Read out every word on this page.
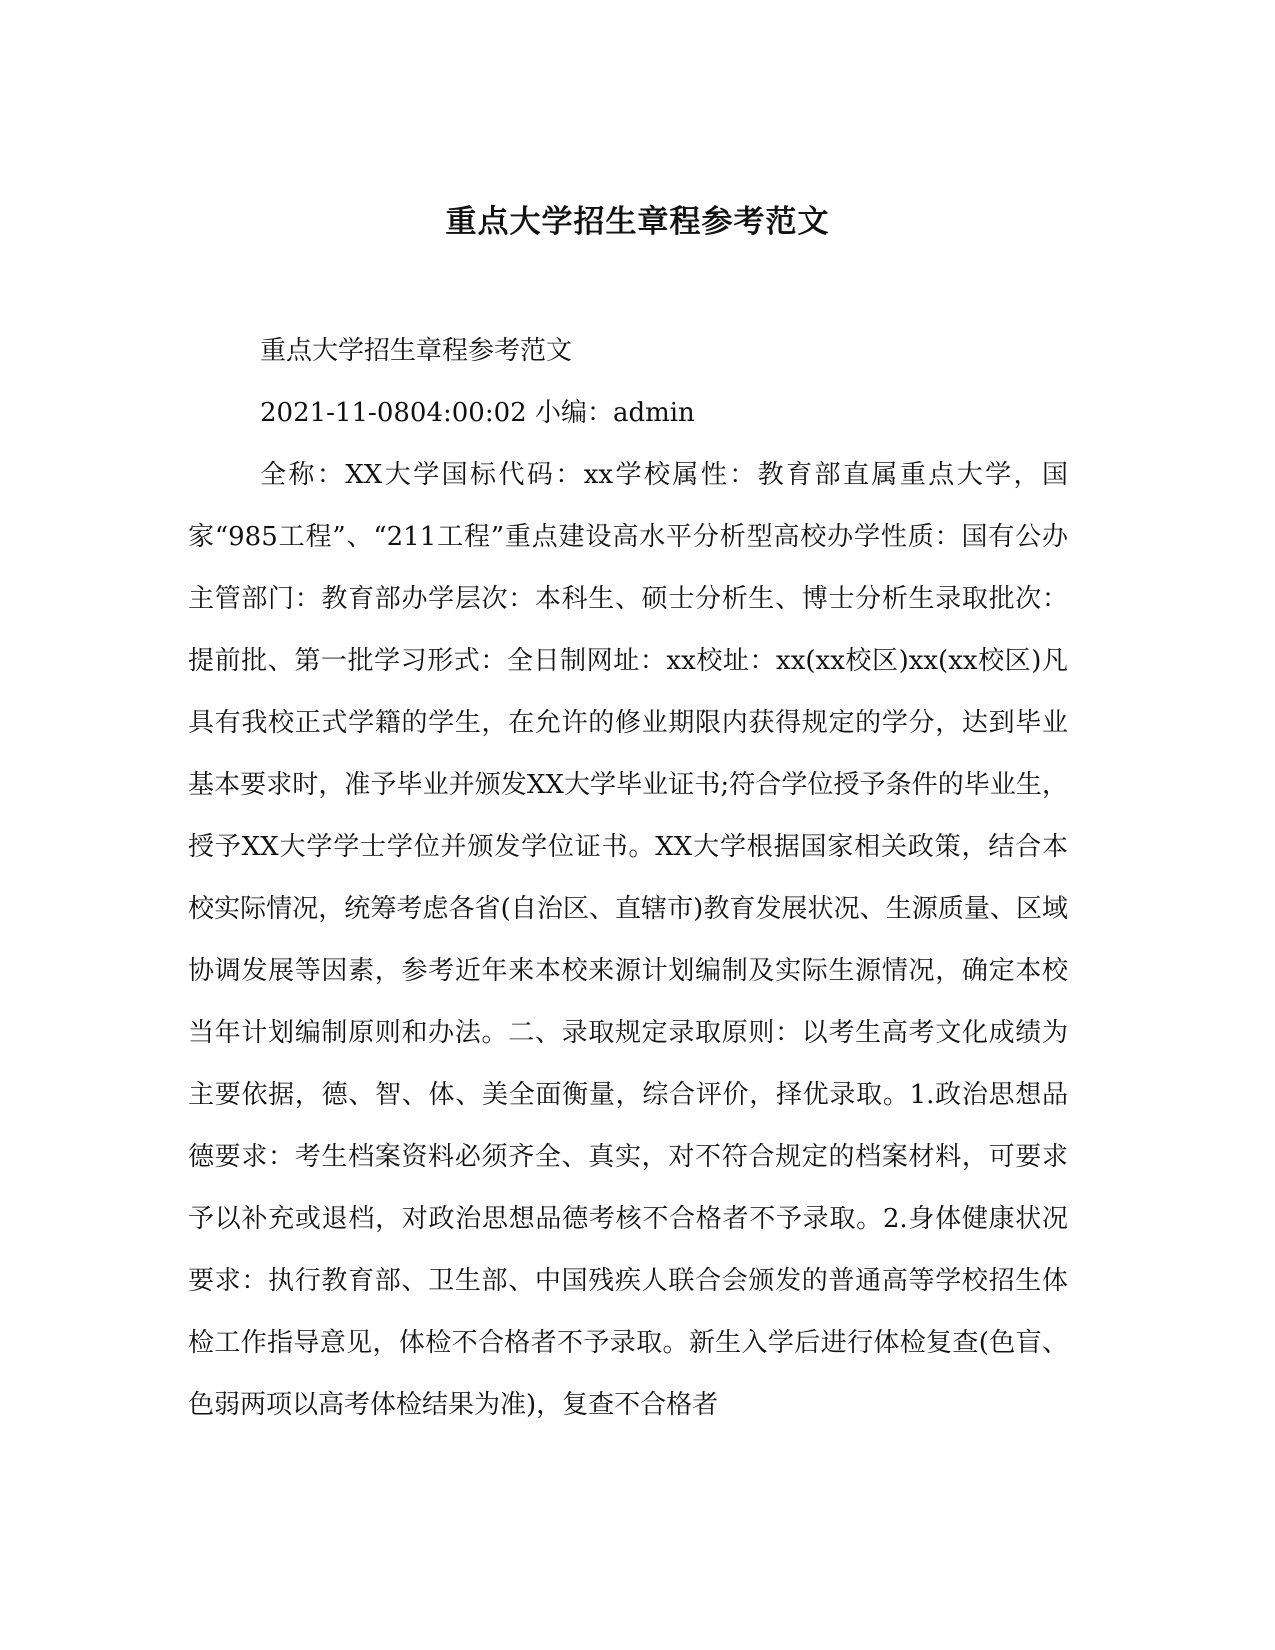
重点大学招生章程参考范文

重点大学招生章程参考范文

2021-11-0804:00:02 小编：admin

全称：XX大学国标代码：xx学校属性：教育部直属重点大学，国家“985工程”、“211工程”重点建设高水平分析型高校办学性质：国有公办主管部门：教育部办学层次：本科生、硕士分析生、博士分析生录取批次：提前批、第一批学习形式：全日制网址：xx校址：xx(xx校区)xx(xx校区)凡具有我校正式学籍的学生，在允许的修业期限内获得规定的学分，达到毕业基本要求时，准予毕业并颁发XX大学毕业证书;符合学位授予条件的毕业生，授予XX大学学士学位并颁发学位证书。XX大学根据国家相关政策，结合本校实际情况，统筹考虑各省(自治区、直辖市)教育发展状况、生源质量、区域协调发展等因素，参考近年来本校来源计划编制及实际生源情况，确定本校当年计划编制原则和办法。二、录取规定录取原则：以考生高考文化成绩为主要依据，德、智、体、美全面衡量，综合评价，择优录取。1.政治思想品德要求：考生档案资料必须齐全、真实，对不符合规定的档案材料，可要求予以补充或退档，对政治思想品德考核不合格者不予录取。2.身体健康状况要求：执行教育部、卫生部、中国残疾人联合会颁发的普通高等学校招生体检工作指导意见，体检不合格者不予录取。新生入学后进行体检复查(色盲、色弱两项以高考体检结果为准)，复查不合格者
